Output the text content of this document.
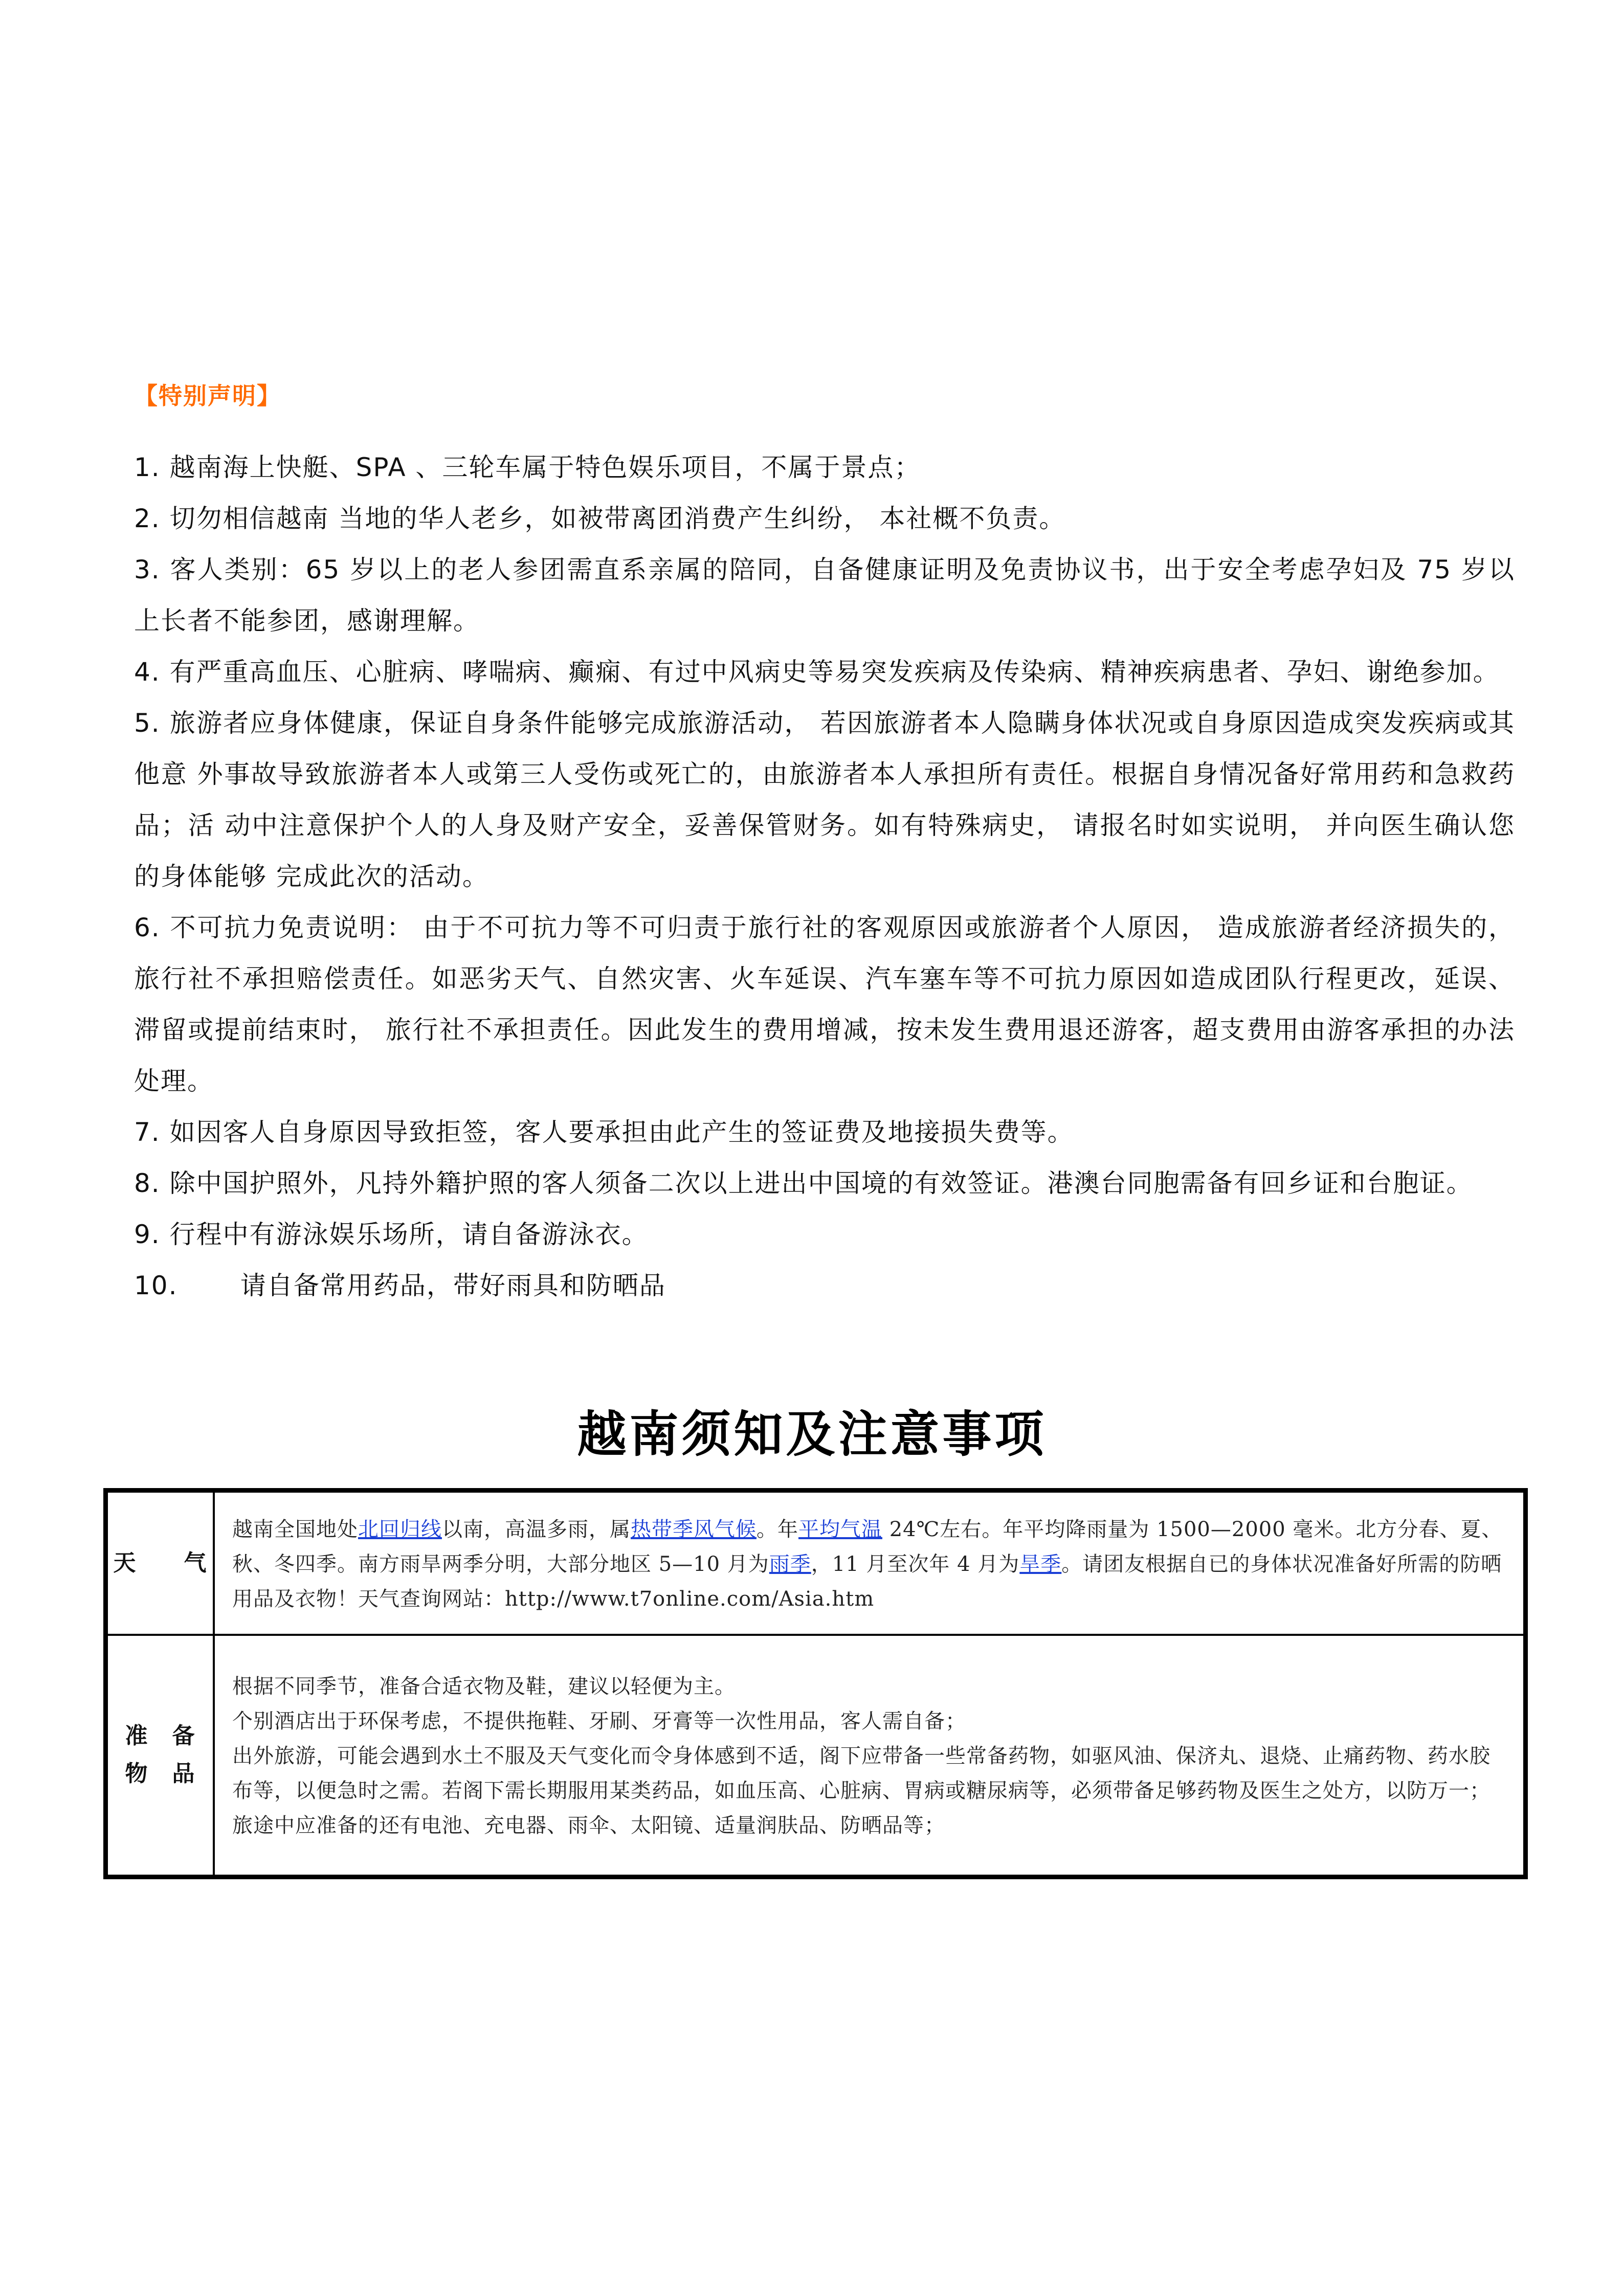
【特别声明】
1. 越南海上快艇、SPA 、三轮车属于特色娱乐项目，不属于景点；
2. 切勿相信越南 当地的华人老乡，如被带离团消费产生纠纷， 本社概不负责。
3. 客人类别：65 岁以上的老人参团需直系亲属的陪同，自备健康证明及免责协议书，出于安全考虑孕妇及 75 岁以上长者不能参团，感谢理解。
4. 有严重高血压、心脏病、哮喘病、癫痫、有过中风病史等易突发疾病及传染病、精神疾病患者、孕妇、谢绝参加。
5. 旅游者应身体健康，保证自身条件能够完成旅游活动， 若因旅游者本人隐瞒身体状况或自身原因造成突发疾病或其他意 外事故导致旅游者本人或第三人受伤或死亡的，由旅游者本人承担所有责任。根据自身情况备好常用药和急救药品；活 动中注意保护个人的人身及财产安全，妥善保管财务。如有特殊病史， 请报名时如实说明， 并向医生确认您的身体能够 完成此次的活动。
6. 不可抗力免责说明： 由于不可抗力等不可归责于旅行社的客观原因或旅游者个人原因， 造成旅游者经济损失的， 旅行社不承担赔偿责任。如恶劣天气、自然灾害、火车延误、汽车塞车等不可抗力原因如造成团队行程更改，延误、滞留或提前结束时， 旅行社不承担责任。因此发生的费用增减，按未发生费用退还游客，超支费用由游客承担的办法处理。
7. 如因客人自身原因导致拒签，客人要承担由此产生的签证费及地接损失费等。
8. 除中国护照外，凡持外籍护照的客人须备二次以上进出中国境的有效签证。港澳台同胞需备有回乡证和台胞证。
9. 行程中有游泳娱乐场所，请自备游泳衣。
10. 请自备常用药品，带好雨具和防晒品
越南须知及注意事项
天　　气	越南全国地处北回归线以南，高温多雨，属热带季风气候。年平均气温 24℃左右。年平均降雨量为 1500—2000 毫米。北方分春、夏、秋、冬四季。南方雨旱两季分明，大部分地区 5—10 月为雨季，11 月至次年 4 月为旱季。请团友根据自已的身体状况准备好所需的防晒用品及衣物！天气查询网站：http://www.t7online.com/Asia.htm

准　备
物　品	根据不同季节，准备合适衣物及鞋，建议以轻便为主。
个别酒店出于环保考虑，不提供拖鞋、牙刷、牙膏等一次性用品，客人需自备；
出外旅游，可能会遇到水土不服及天气变化而令身体感到不适，阁下应带备一些常备药物，如驱风油、保济丸、退烧、止痛药物、药水胶布等，以便急时之需。若阁下需长期服用某类药品，如血压高、心脏病、胃病或糖尿病等，必须带备足够药物及医生之处方，以防万一；旅途中应准备的还有电池、充电器、雨伞、太阳镜、适量润肤品、防晒品等；
